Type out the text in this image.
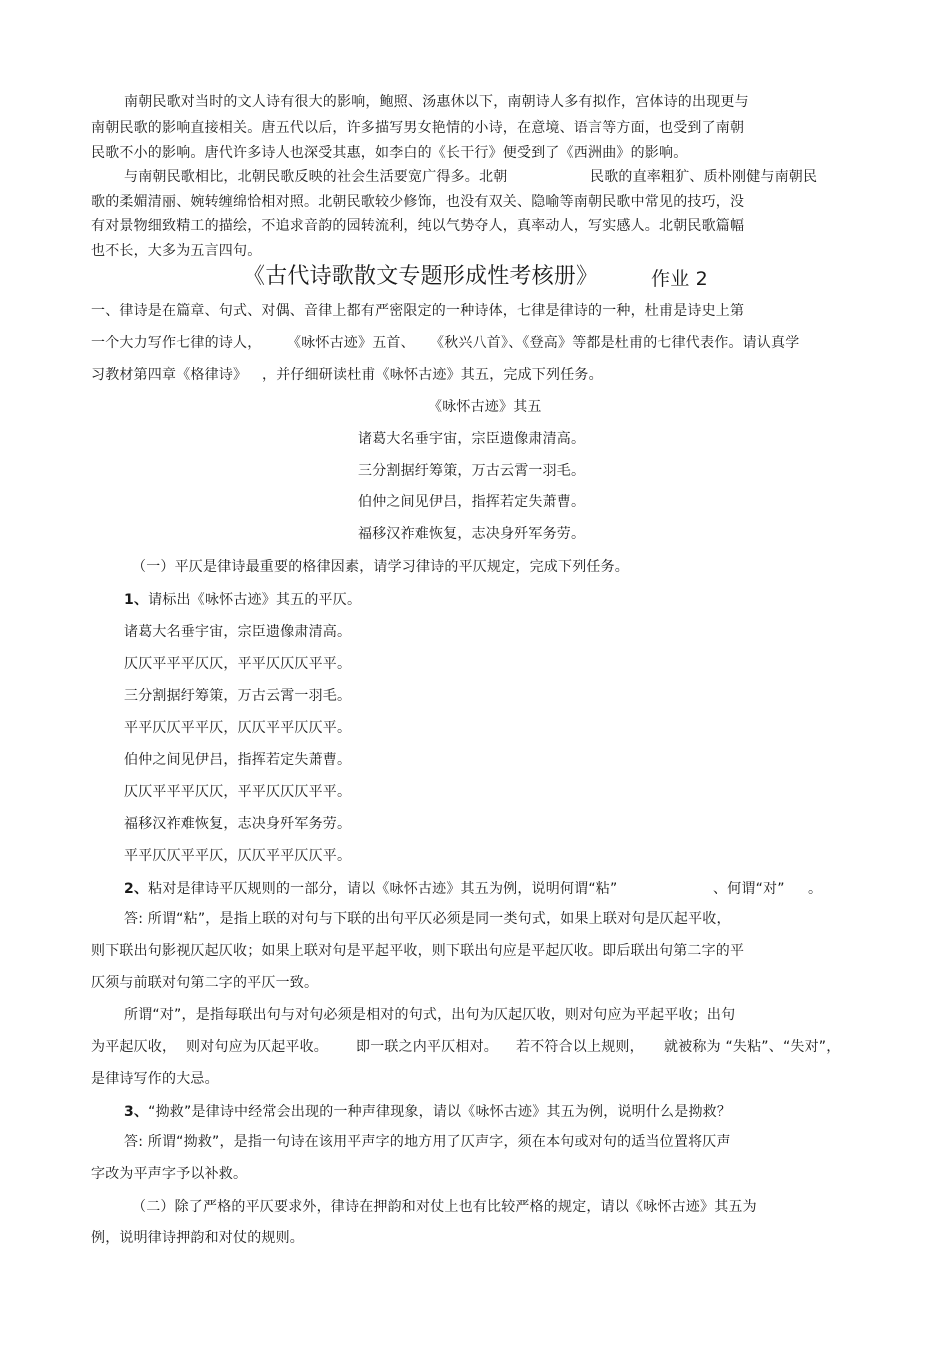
南朝民歌对当时的文人诗有很大的影响，鲍照、汤惠休以下，南朝诗人多有拟作，宫体诗的出现更与
南朝民歌的影响直接相关。唐五代以后，许多描写男女艳情的小诗，在意境、语言等方面，也受到了南朝
民歌不小的影响。唐代许多诗人也深受其惠，如李白的《长干行》便受到了《西洲曲》的影响。
与南朝民歌相比，北朝民歌反映的社会生活要宽广得多。北朝	民歌的直率粗犷、质朴刚健与南朝民
歌的柔媚清丽、婉转缠绵恰相对照。北朝民歌较少修饰，也没有双关、隐喻等南朝民歌中常见的技巧，没
有对景物细致精工的描绘，不追求音韵的园转流利，纯以气势夺人，真率动人，写实感人。北朝民歌篇幅
也不长，大多为五言四句。
《古代诗歌散文专题形成性考核册》	作业 2
一、律诗是在篇章、句式、对偶、音律上都有严密限定的一种诗体，七律是律诗的一种，杜甫是诗史上第
一个大力写作七律的诗人， 《咏怀古迹》五首、 《秋兴八首》、《登高》等都是杜甫的七律代表作。请认真学
习教材第四章《格律诗》 ，并仔细研读杜甫《咏怀古迹》其五，完成下列任务。
《咏怀古迹》其五
诸葛大名垂宇宙，宗臣遗像肃清高。
三分割据纡筹策，万古云霄一羽毛。
伯仲之间见伊吕，指挥若定失萧曹。
福移汉祚难恢复，志决身歼军务劳。
（一）平仄是律诗最重要的格律因素，请学习律诗的平仄规定，完成下列任务。
1、请标出《咏怀古迹》其五的平仄。
诸葛大名垂宇宙，宗臣遗像肃清高。
仄仄平平平仄仄，平平仄仄仄平平。
三分割据纡筹策，万古云霄一羽毛。
平平仄仄平平仄，仄仄平平仄仄平。
伯仲之间见伊吕，指挥若定失萧曹。
仄仄平平平仄仄，平平仄仄仄平平。
福移汉祚难恢复，志决身歼军务劳。
平平仄仄平平仄，仄仄平平仄仄平。
2、粘对是律诗平仄规则的一部分，请以《咏怀古迹》其五为例，说明何谓“粘”	、何谓“对” 。
答: 所谓“粘”，是指上联的对句与下联的出句平仄必须是同一类句式，如果上联对句是仄起平收，
则下联出句影视仄起仄收；如果上联对句是平起平收，则下联出句应是平起仄收。即后联出句第二字的平
仄须与前联对句第二字的平仄一致。
所谓“对”，是指每联出句与对句必须是相对的句式，出句为仄起仄收，则对句应为平起平收；出句
为平起仄收， 则对句应为仄起平收。 即一联之内平仄相对。 若不符合以上规则， 就被称为 “失粘”、“失对”，
是律诗写作的大忌。
3、“拗救”是律诗中经常会出现的一种声律现象，请以《咏怀古迹》其五为例，说明什么是拗救？
答: 所谓“拗救”，是指一句诗在该用平声字的地方用了仄声字，须在本句或对句的适当位置将仄声
字改为平声字予以补救。
（二）除了严格的平仄要求外，律诗在押韵和对仗上也有比较严格的规定，请以《咏怀古迹》其五为
例，说明律诗押韵和对仗的规则。
